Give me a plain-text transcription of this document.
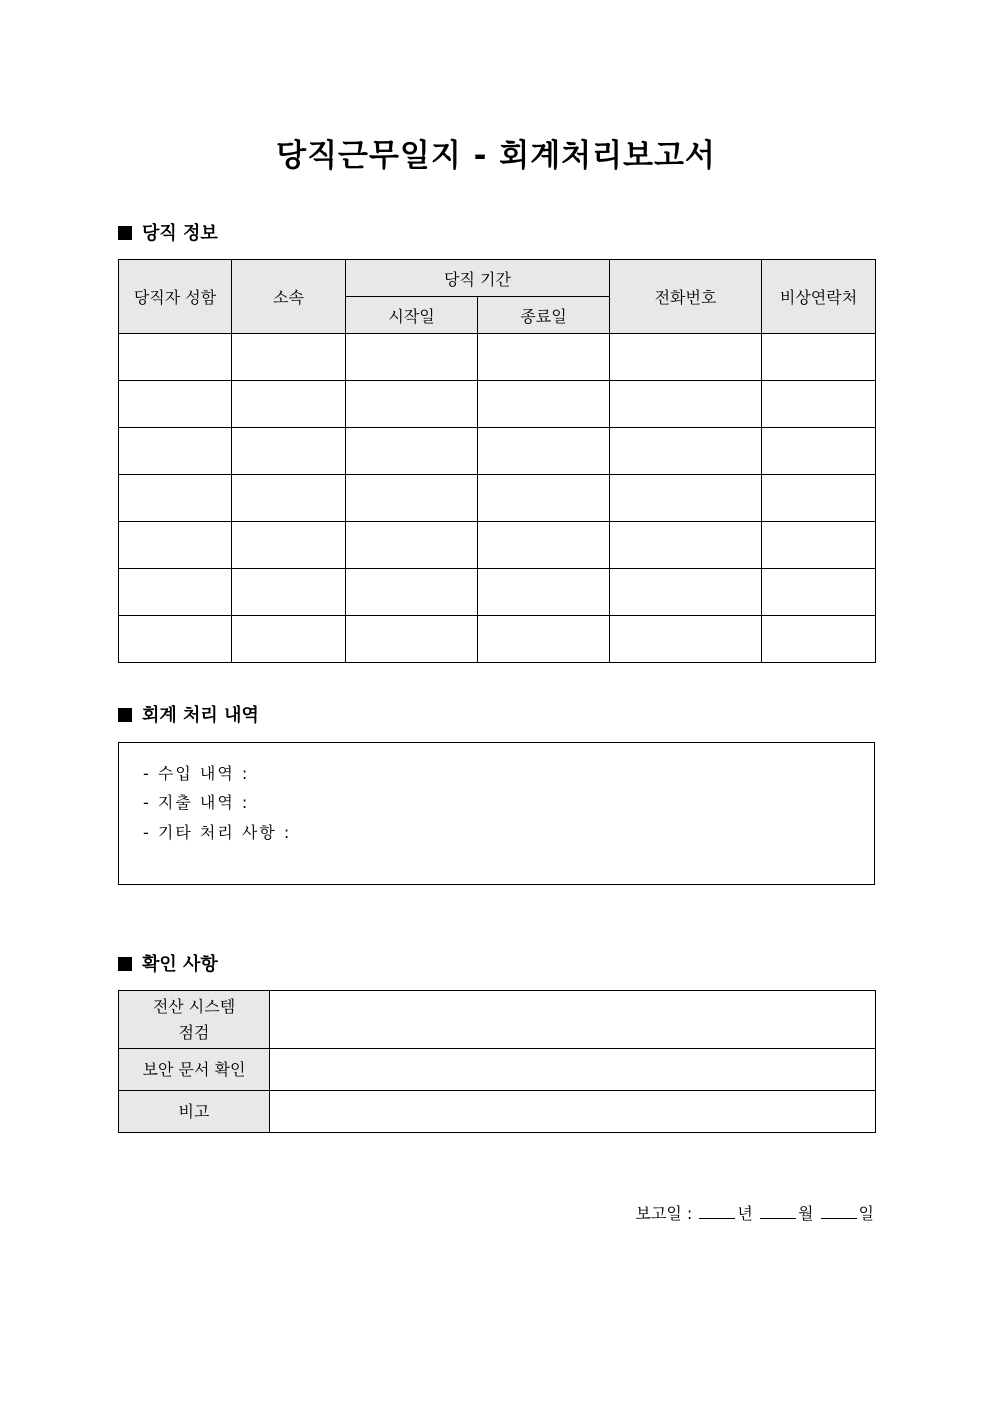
당직근무일지 - 회계처리보고서
당직 정보
당직자 성함	소속	당직 기간		전화번호	비상연락처
		시작일	종료일		

회계 처리 내역
- 수입 내역 :
- 지출 내역 :
- 기타 처리 사항 :
확인 사항
전산 시스템
점검	
보안 문서 확인	
비고	
보고일 :	년	월	일
